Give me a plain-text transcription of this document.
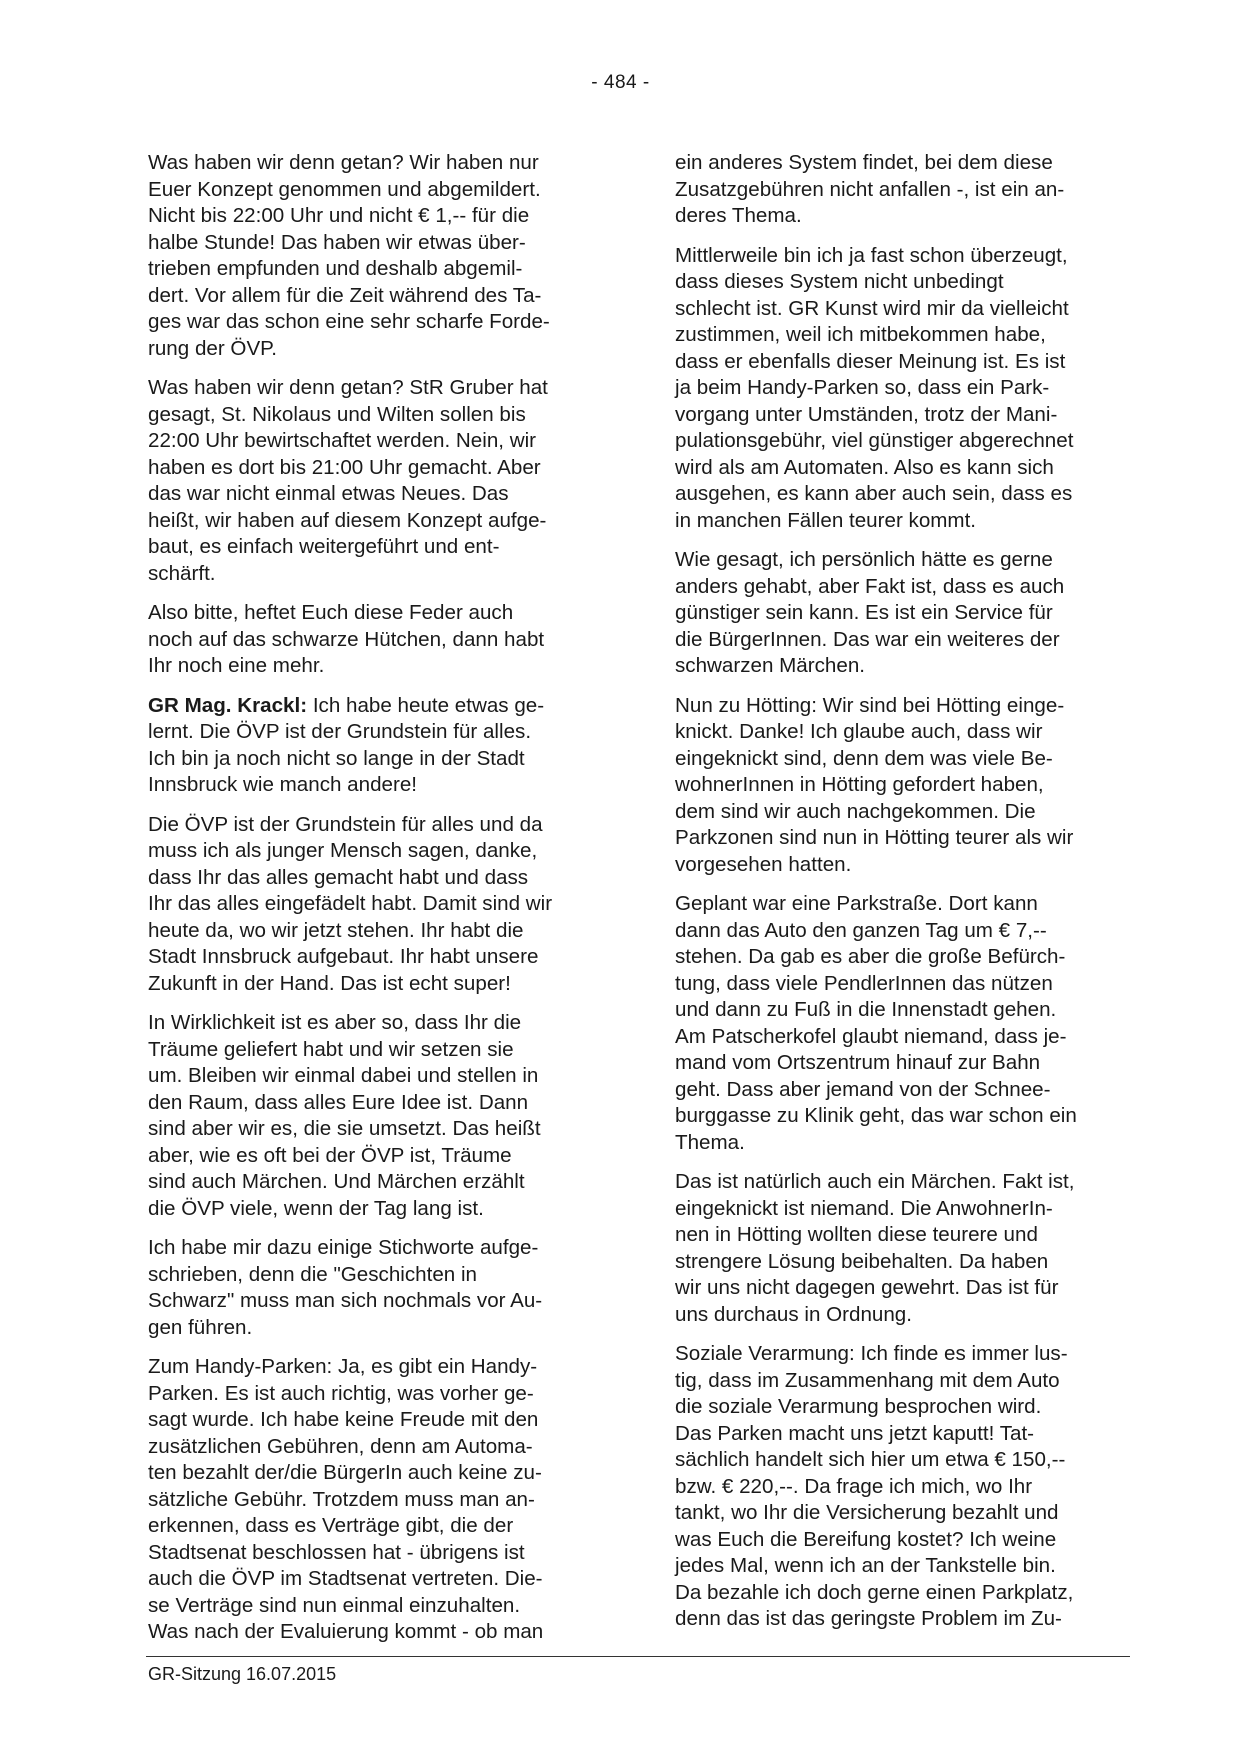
- 484 -
Was haben wir denn getan? Wir haben nur
Euer Konzept genommen und abgemildert.
Nicht bis 22:00 Uhr und nicht € 1,-- für die
halbe Stunde! Das haben wir etwas über-
trieben empfunden und deshalb abgemil-
dert. Vor allem für die Zeit während des Ta-
ges war das schon eine sehr scharfe Forde-
rung der ÖVP.
Was haben wir denn getan? StR Gruber hat
gesagt, St. Nikolaus und Wilten sollen bis
22:00 Uhr bewirtschaftet werden. Nein, wir
haben es dort bis 21:00 Uhr gemacht. Aber
das war nicht einmal etwas Neues. Das
heißt, wir haben auf diesem Konzept aufge-
baut, es einfach weitergeführt und ent-
schärft.
Also bitte, heftet Euch diese Feder auch
noch auf das schwarze Hütchen, dann habt
Ihr noch eine mehr.
GR Mag. Krackl: Ich habe heute etwas ge-
lernt. Die ÖVP ist der Grundstein für alles.
Ich bin ja noch nicht so lange in der Stadt
Innsbruck wie manch andere!
Die ÖVP ist der Grundstein für alles und da
muss ich als junger Mensch sagen, danke,
dass Ihr das alles gemacht habt und dass
Ihr das alles eingefädelt habt. Damit sind wir
heute da, wo wir jetzt stehen. Ihr habt die
Stadt Innsbruck aufgebaut. Ihr habt unsere
Zukunft in der Hand. Das ist echt super!
In Wirklichkeit ist es aber so, dass Ihr die
Träume geliefert habt und wir setzen sie
um. Bleiben wir einmal dabei und stellen in
den Raum, dass alles Eure Idee ist. Dann
sind aber wir es, die sie umsetzt. Das heißt
aber, wie es oft bei der ÖVP ist, Träume
sind auch Märchen. Und Märchen erzählt
die ÖVP viele, wenn der Tag lang ist.
Ich habe mir dazu einige Stichworte aufge-
schrieben, denn die "Geschichten in
Schwarz" muss man sich nochmals vor Au-
gen führen.
Zum Handy-Parken: Ja, es gibt ein Handy-
Parken. Es ist auch richtig, was vorher ge-
sagt wurde. Ich habe keine Freude mit den
zusätzlichen Gebühren, denn am Automa-
ten bezahlt der/die BürgerIn auch keine zu-
sätzliche Gebühr. Trotzdem muss man an-
erkennen, dass es Verträge gibt, die der
Stadtsenat beschlossen hat - übrigens ist
auch die ÖVP im Stadtsenat vertreten. Die-
se Verträge sind nun einmal einzuhalten.
Was nach der Evaluierung kommt - ob man
ein anderes System findet, bei dem diese
Zusatzgebühren nicht anfallen -, ist ein an-
deres Thema.
Mittlerweile bin ich ja fast schon überzeugt,
dass dieses System nicht unbedingt
schlecht ist. GR Kunst wird mir da vielleicht
zustimmen, weil ich mitbekommen habe,
dass er ebenfalls dieser Meinung ist. Es ist
ja beim Handy-Parken so, dass ein Park-
vorgang unter Umständen, trotz der Mani-
pulationsgebühr, viel günstiger abgerechnet
wird als am Automaten. Also es kann sich
ausgehen, es kann aber auch sein, dass es
in manchen Fällen teurer kommt.
Wie gesagt, ich persönlich hätte es gerne
anders gehabt, aber Fakt ist, dass es auch
günstiger sein kann. Es ist ein Service für
die BürgerInnen. Das war ein weiteres der
schwarzen Märchen.
Nun zu Hötting: Wir sind bei Hötting einge-
knickt. Danke! Ich glaube auch, dass wir
eingeknickt sind, denn dem was viele Be-
wohnerInnen in Hötting gefordert haben,
dem sind wir auch nachgekommen. Die
Parkzonen sind nun in Hötting teurer als wir
vorgesehen hatten.
Geplant war eine Parkstraße. Dort kann
dann das Auto den ganzen Tag um € 7,--
stehen. Da gab es aber die große Befürch-
tung, dass viele PendlerInnen das nützen
und dann zu Fuß in die Innenstadt gehen.
Am Patscherkofel glaubt niemand, dass je-
mand vom Ortszentrum hinauf zur Bahn
geht. Dass aber jemand von der Schnee-
burggasse zu Klinik geht, das war schon ein
Thema.
Das ist natürlich auch ein Märchen. Fakt ist,
eingeknickt ist niemand. Die AnwohnerIn-
nen in Hötting wollten diese teurere und
strengere Lösung beibehalten. Da haben
wir uns nicht dagegen gewehrt. Das ist für
uns durchaus in Ordnung.
Soziale Verarmung: Ich finde es immer lus-
tig, dass im Zusammenhang mit dem Auto
die soziale Verarmung besprochen wird.
Das Parken macht uns jetzt kaputt! Tat-
sächlich handelt sich hier um etwa € 150,--
bzw. € 220,--. Da frage ich mich, wo Ihr
tankt, wo Ihr die Versicherung bezahlt und
was Euch die Bereifung kostet? Ich weine
jedes Mal, wenn ich an der Tankstelle bin.
Da bezahle ich doch gerne einen Parkplatz,
denn das ist das geringste Problem im Zu-
GR-Sitzung 16.07.2015
